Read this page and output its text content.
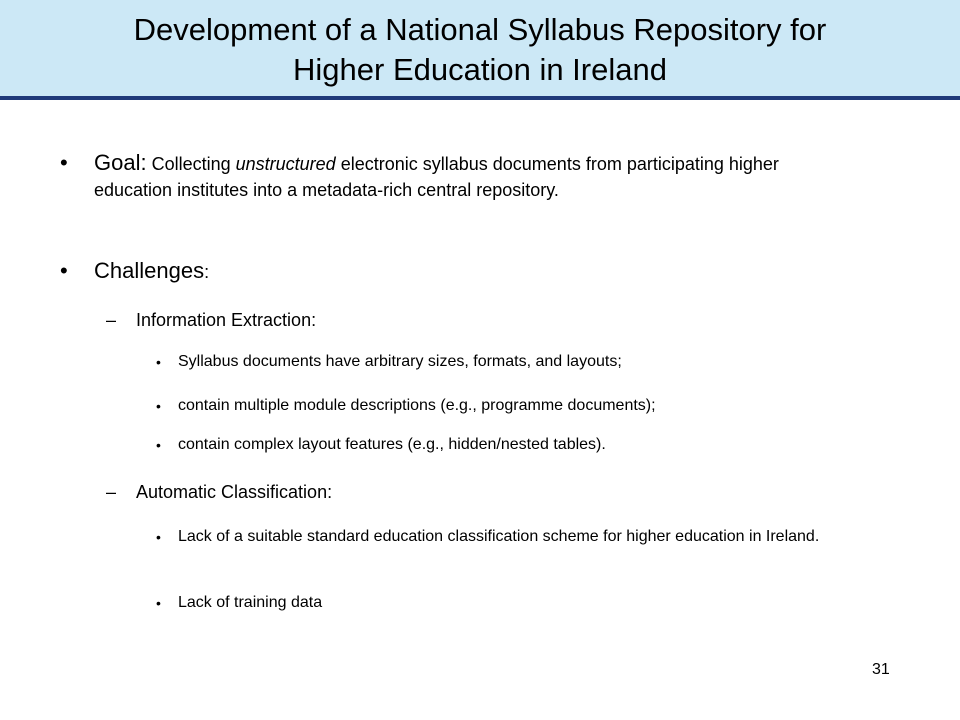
Development of a National Syllabus Repository for
Higher Education in Ireland
• Goal: Collecting unstructured electronic syllabus documents from participating higher education institutes into a metadata-rich central repository.
• Challenges:
– Information Extraction:
• Syllabus documents have arbitrary sizes, formats, and layouts;
• contain multiple module descriptions (e.g., programme documents);
• contain complex layout features (e.g., hidden/nested tables).
– Automatic Classification:
• Lack of a suitable standard education classification scheme for higher education in Ireland.
• Lack of training data
31
